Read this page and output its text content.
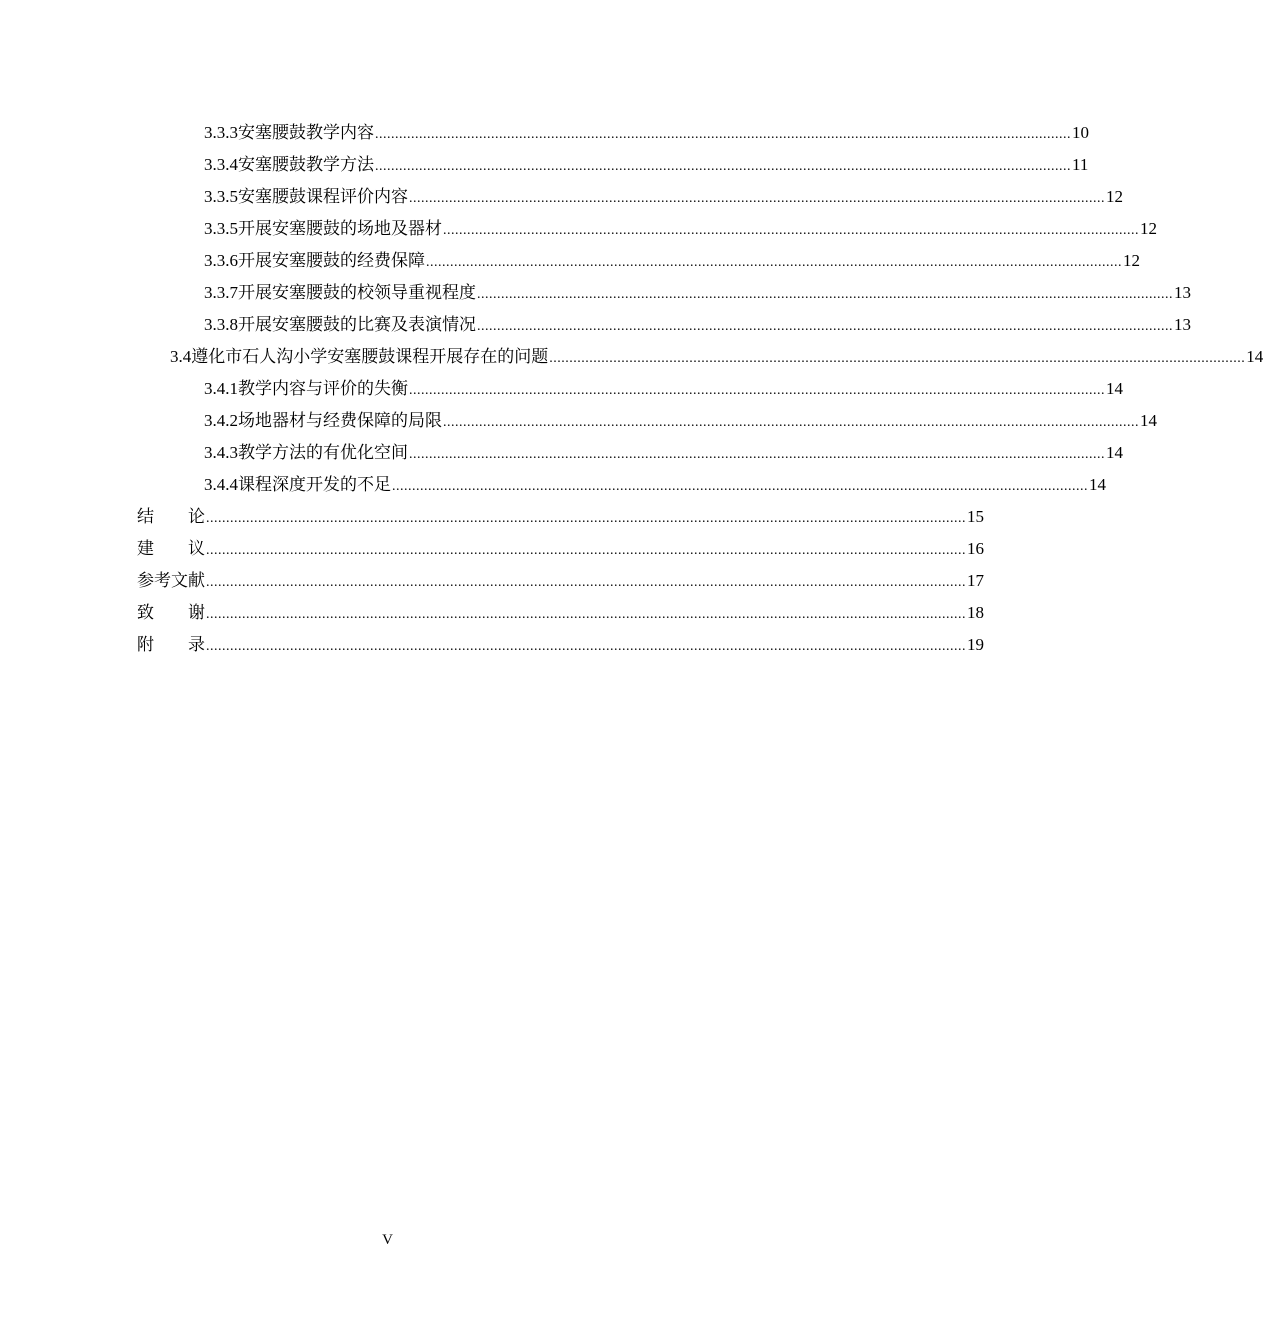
3.3.3 安塞腰鼓教学内容 .............................................................................................................................................................................. 10
3.3.4 安塞腰鼓教学方法 .............................................................................................................................................................................. 11
3.3.5 安塞腰鼓课程评价内容 .............................................................................................................................................................................. 12
3.3.5 开展安塞腰鼓的场地及器材 .............................................................................................................................................................................. 12
3.3.6 开展安塞腰鼓的经费保障 .............................................................................................................................................................................. 12
3.3.7 开展安塞腰鼓的校领导重视程度 .............................................................................................................................................................................. 13
3.3.8 开展安塞腰鼓的比赛及表演情况 .............................................................................................................................................................................. 13
3.4 遵化市石人沟小学安塞腰鼓课程开展存在的问题 .............................................................................................................................................................................. 14
3.4.1 教学内容与评价的失衡 .............................................................................................................................................................................. 14
3.4.2 场地器材与经费保障的局限 .............................................................................................................................................................................. 14
3.4.3 教学方法的有优化空间 .............................................................................................................................................................................. 14
3.4.4 课程深度开发的不足 .............................................................................................................................................................................. 14
结　　论 .............................................................................................................................................................................................. 15
建　　议 .............................................................................................................................................................................................. 16
参考文献 .............................................................................................................................................................................................. 17
致　　谢 .............................................................................................................................................................................................. 18
附　　录 .............................................................................................................................................................................................. 19
V
